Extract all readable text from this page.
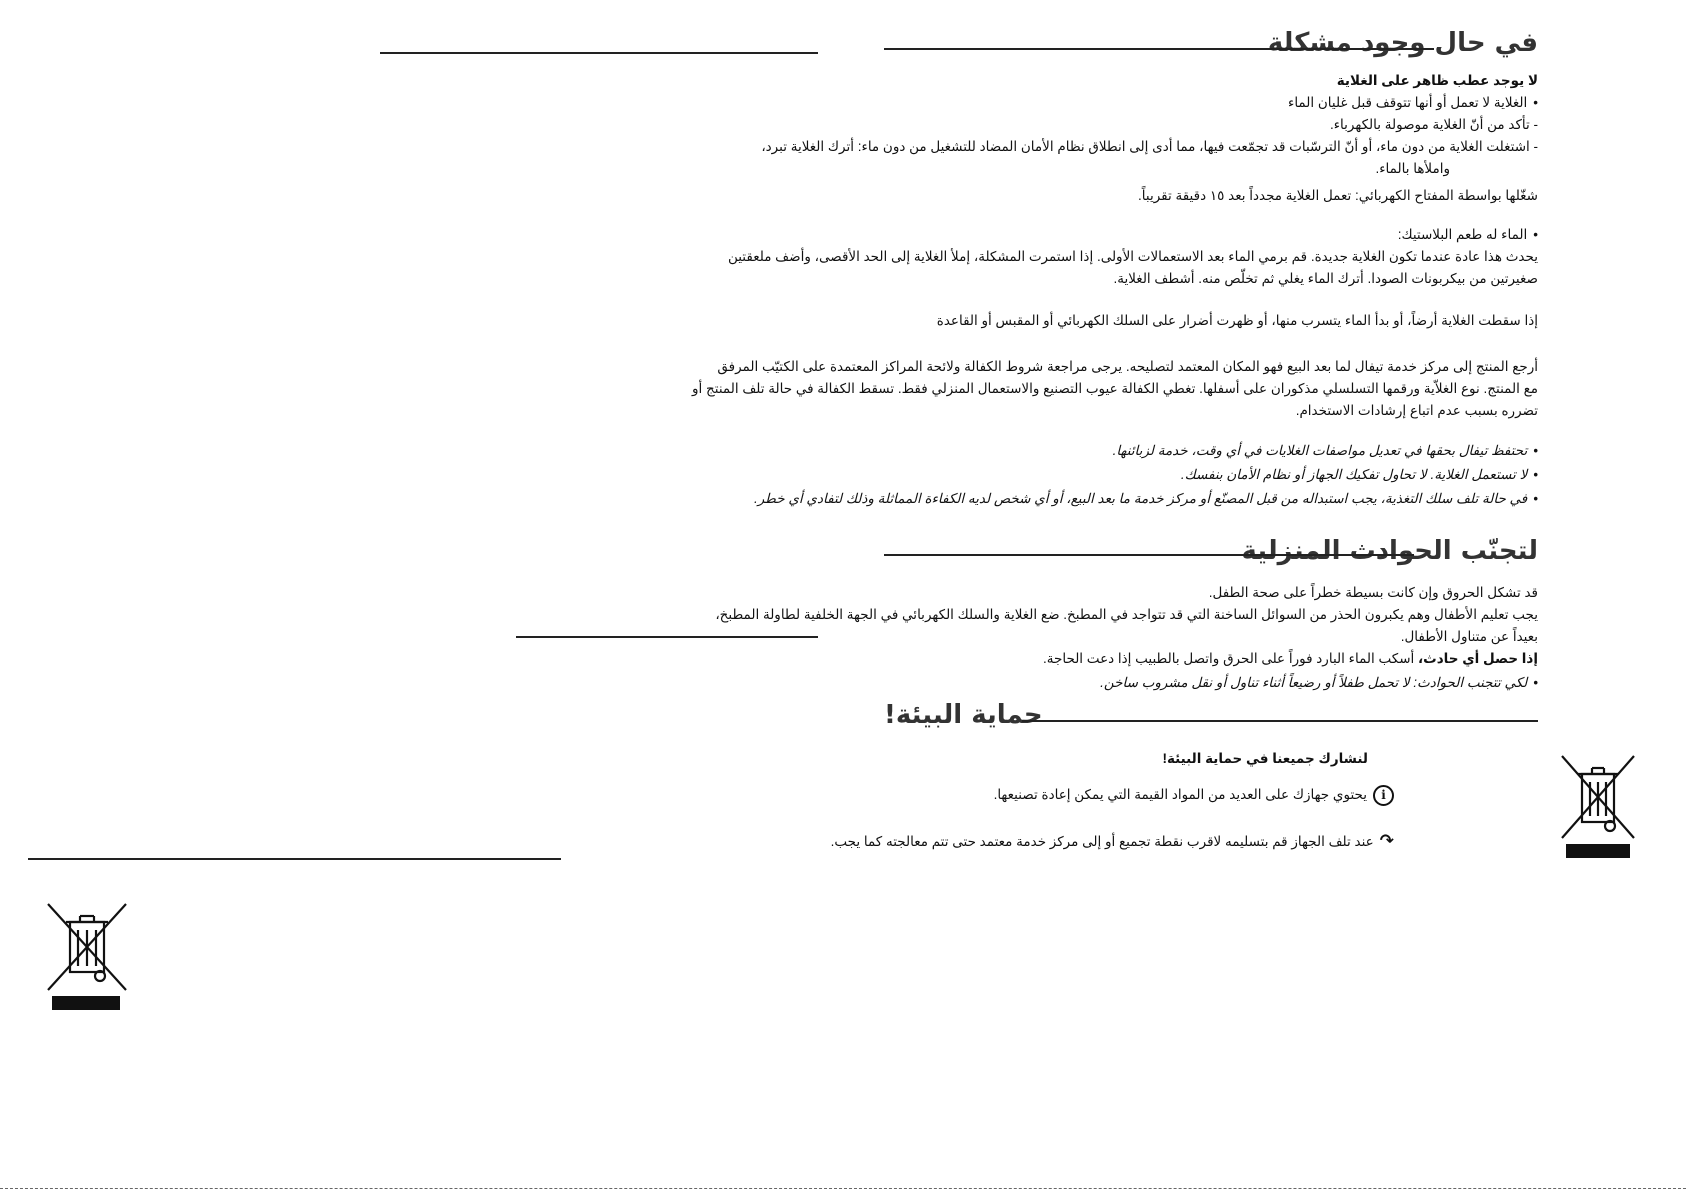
في حال وجود مشكلة
لا يوجد عطب ظاهر على الغلاية
• الغلاية لا تعمل أو أنها تتوقف قبل غليان الماء
- تأكد من أنّ الغلاية موصولة بالكهرباء.
- اشتغلت الغلاية من دون ماء، أو أنّ الترسّبات قد تجمّعت فيها، مما أدى إلى انطلاق نظام الأمان المضاد للتشغيل من دون ماء: أترك الغلاية تبرد،
واملأها بالماء.
شغّلها بواسطة المفتاح الكهربائي: تعمل الغلاية مجدداً بعد ١٥ دقيقة تقريباً.
• الماء له طعم البلاستيك:
يحدث هذا عادة عندما تكون الغلاية جديدة. قم برمي الماء بعد الاستعمالات الأولى. إذا استمرت المشكلة، إملأ الغلاية إلى الحد الأقصى، وأضف ملعقتين
صغيرتين من بيكربونات الصودا. أترك الماء يغلي ثم تخلّص منه. أشطف الغلاية.
إذا سقطت الغلاية أرضاً، أو بدأ الماء يتسرب منها، أو ظهرت أضرار على السلك الكهربائي أو المقبس أو القاعدة
أرجع المنتج إلى مركز خدمة تيفال لما بعد البيع فهو المكان المعتمد لتصليحه. يرجى مراجعة شروط الكفالة ولائحة المراكز المعتمدة على الكتيّب المرفق
مع المنتج. نوع الغلاّية ورقمها التسلسلي مذكوران على أسفلها. تغطي الكفالة عيوب التصنيع والاستعمال المنزلي فقط. تسقط الكفالة في حالة تلف المنتج أو
تضرره بسبب عدم اتباع إرشادات الاستخدام.
• تحتفظ تيفال بحقها في تعديل مواصفات الغلايات في أي وقت، خدمة لزبائنها.
• لا تستعمل الغلاية. لا تحاول تفكيك الجهاز أو نظام الأمان بنفسك.
• في حالة تلف سلك التغذية، يجب استبداله من قبل المصنّع أو مركز خدمة ما بعد البيع، أو أي شخص لديه الكفاءة المماثلة وذلك لتفادي أي خطر.
لتجنّب الحوادث المنزلية
قد تشكل الحروق وإن كانت بسيطة خطراً على صحة الطفل.
يجب تعليم الأطفال وهم يكبرون الحذر من السوائل الساخنة التي قد تتواجد في المطبخ. ضع الغلاية والسلك الكهربائي في الجهة الخلفية لطاولة المطبخ،
بعيداً عن متناول الأطفال.
إذا حصل أي حادث، أسكب الماء البارد فوراً على الحرق واتصل بالطبيب إذا دعت الحاجة.
• لكي تتجنب الحوادث: لا تحمل طفلاً أو رضيعاً أثناء تناول أو نقل مشروب ساخن.
حماية البيئة!
لنشارك جميعنا في حماية البيئة!
iيحتوي جهازك على العديد من المواد القيمة التي يمكن إعادة تصنيعها.
↷عند تلف الجهاز قم بتسليمه لاقرب نقطة تجميع أو إلى مركز خدمة معتمد حتى تتم معالجته كما يجب.
